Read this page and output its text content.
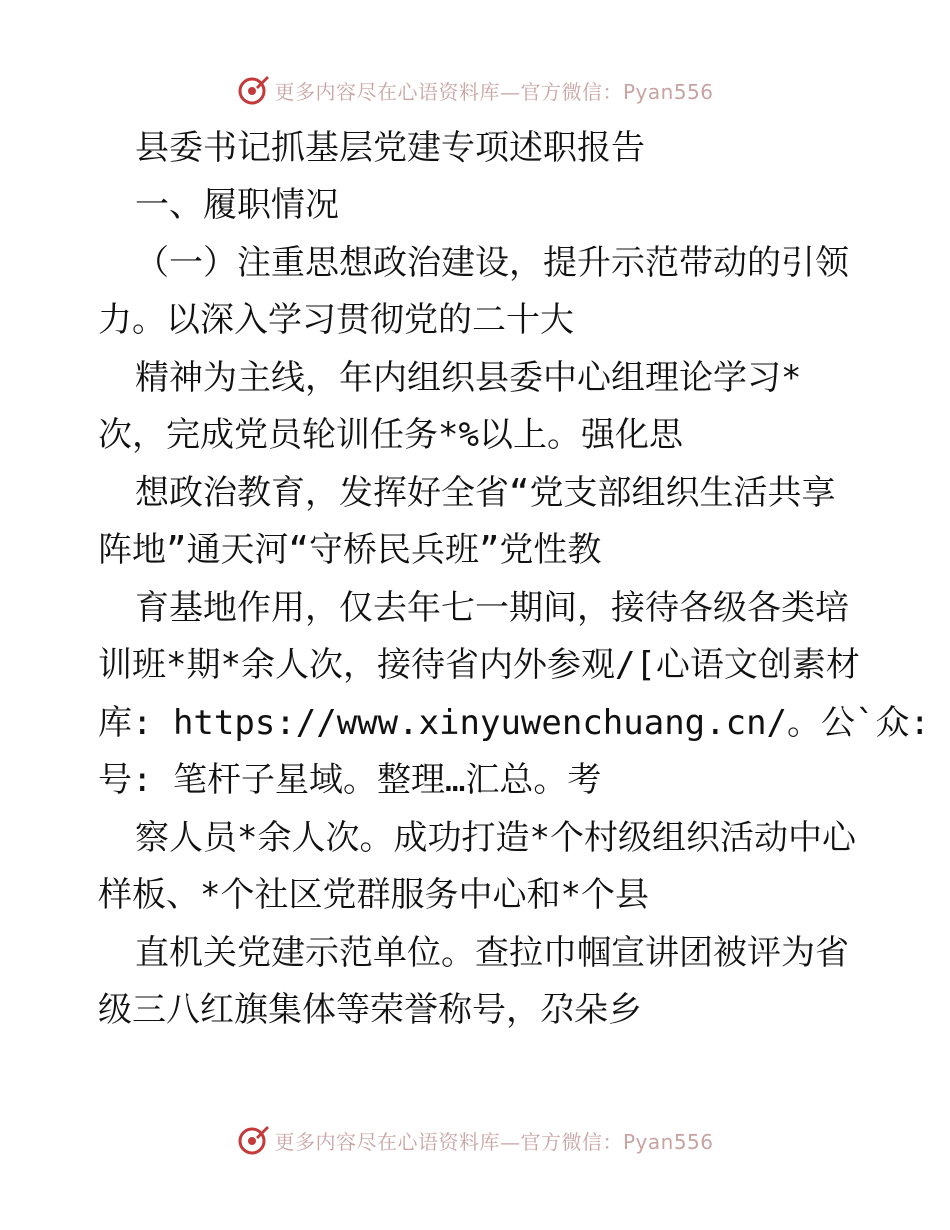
更多内容尽在心语资料库—官方微信：Pyan556
县委书记抓基层党建专项述职报告
一、履职情况
（一）注重思想政治建设，提升示范带动的引领
力。以深入学习贯彻党的二十大
精神为主线，年内组织县委中心组理论学习*
次，完成党员轮训任务*%以上。强化思
想政治教育，发挥好全省“党支部组织生活共享
阵地”通天河“守桥民兵班”党性教
育基地作用，仅去年七一期间，接待各级各类培
训班*期*余人次，接待省内外参观/[心语文创素材
库: https://www.xinyuwenchuang.cn/。公`众:
号: 笔杆子星域。整理…汇总。考
察人员*余人次。成功打造*个村级组织活动中心
样板、*个社区党群服务中心和*个县
直机关党建示范单位。查拉巾帼宣讲团被评为省
级三八红旗集体等荣誉称号，尕朵乡
更多内容尽在心语资料库—官方微信：Pyan556
